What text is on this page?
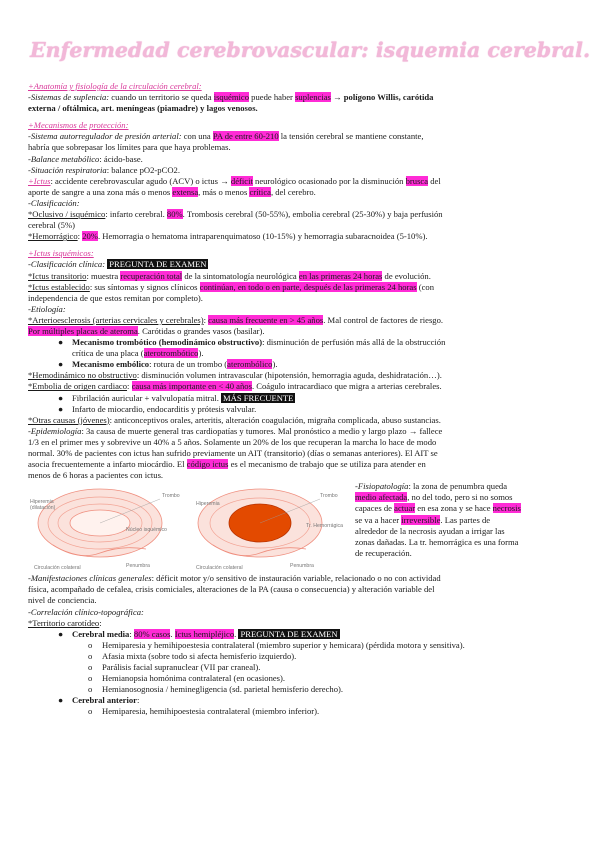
Enfermedad cerebrovascular: isquemia cerebral.

+Anatomía y fisiología de la circulación cerebral:

-Sistemas de suplencia: cuando un territorio se queda isquémico puede haber suplencias → polígono Willis, carótida

externa / oftálmica, art. meníngeas (piamadre) y lagos venosos.

+Mecanismos de protección:

-Sistema autorregulador de presión arterial: con una PA de entre 60-210 la tensión cerebral se mantiene constante,

habría que sobrepasar los límites para que haya problemas.

-Balance metabólico: ácido-base.

-Situación respiratoria: balance pO2-pCO2.

+Ictus: accidente cerebrovascular agudo (ACV) o ictus → déficit neurológico ocasionado por la disminución brusca del

aporte de sangre a una zona más o menos extensa, más o menos crítica, del cerebro.

-Clasificación:

*Oclusivo / isquémico: infarto cerebral. 80%. Trombosis cerebral (50-55%), embolia cerebral (25-30%) y baja perfusión

cerebral (5%)

*Hemorrágico: 20%. Hemorragia o hematoma intraparenquimatoso (10-15%) y hemorragia subaracnoidea (5-10%).

+Ictus isquémicos:

-Clasificación clínica: PREGUNTA DE EXAMEN

*Ictus transitorio: muestra recuperación total de la sintomatología neurológica en las primeras 24 horas de evolución.

*Ictus establecido: sus síntomas y signos clínicos continúan, en todo o en parte, después de las primeras 24 horas (con

independencia de que estos remitan por completo).

-Etiología:

*Arterioesclerosis (arterias cervicales y cerebrales): causa más frecuente en > 45 años. Mal control de factores de riesgo.

Por múltiples placas de ateroma. Carótidas o grandes vasos (basilar).

● Mecanismo trombótico (hemodinámico obstructivo): disminución de perfusión más allá de la obstrucción

crítica de una placa (aterotrombótico).

● Mecanismo embólico: rotura de un trombo (aterombólico).

*Hemodinámico no obstructivo: disminución volumen intravascular (hipotensión, hemorragia aguda, deshidratación…).

*Embolia de origen cardiaco: causa más importante en < 40 años. Coágulo intracardiaco que migra a arterias cerebrales.

● Fibrilación auricular + valvulopatía mitral. MÁS FRECUENTE

● Infarto de miocardio, endocarditis y prótesis valvular.

*Otras causas (jóvenes): anticonceptivos orales, arteritis, alteración coagulación, migraña complicada, abuso sustancias.

-Epidemiología: 3a causa de muerte general tras cardiopatías y tumores. Mal pronóstico a medio y largo plazo → fallece

1/3 en el primer mes y sobrevive un 40% a 5 años. Solamente un 20% de los que recuperan la marcha lo hace de modo

normal. 30% de pacientes con ictus han sufrido previamente un AIT (transitorio) (días o semanas anteriores). El AIT se

asocia frecuentemente a infarto miocárdio. El código ictus es el mecanismo de trabajo que se utiliza para atender en

menos de 6 horas a pacientes con ictus.

Hiperemia
(dilatación)
Trombo
Núcleo isquémico
Circulación colateral	Penumbra
Hiperemia
Trombo
Tr. Hemorrágica
Circulación colateral	Penumbra

-Fisiopatología: la zona de penumbra queda

medio afectada, no del todo, pero si no somos

capaces de actuar en esa zona y se hace necrosis

se va a hacer irreversible. Las partes de

alrededor de la necrosis ayudan a irrigar las

zonas dañadas. La tr. hemorrágica es una forma

de recuperación.

-Manifestaciones clínicas generales: déficit motor y/o sensitivo de instauración variable, relacionado o no con actividad

física, acompañado de cefalea, crisis comiciales, alteraciones de la PA (causa o consecuencia) y alteración variable del

nivel de conciencia.

-Correlación clínico-topográfica:

*Territorio carotídeo:

● Cerebral media: 80% casos. Ictus hemipléjico. PREGUNTA DE EXAMEN

o Hemiparesia y hemihipoestesia contralateral (miembro superior y hemicara) (pérdida motora y sensitiva).

o Afasia mixta (sobre todo si afecta hemisferio izquierdo).

o Parálisis facial supranuclear (VII par craneal).

o Hemianopsia homónima contralateral (en ocasiones).

o Hemianosognosia / heminegligencia (sd. parietal hemisferio derecho).

● Cerebral anterior:

o Hemiparesia, hemihipoestesia contralateral (miembro inferior).
